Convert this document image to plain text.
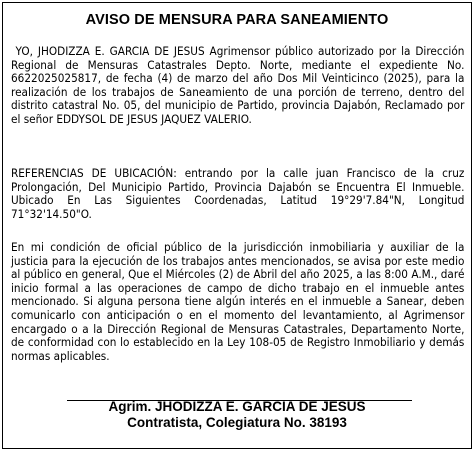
AVISO DE MENSURA PARA SANEAMIENTO

YO, JHODIZZA E. GARCIA DE JESUS Agrimensor público autorizado por la Dirección Regional de Mensuras Catastrales Depto. Norte, mediante el expediente No. 6622025025817, de fecha (4) de marzo del año Dos Mil Veinticinco (2025), para la realización de los trabajos de Saneamiento de una porción de terreno, dentro del distrito catastral No. 05, del municipio de Partido, provincia Dajabón, Reclamado por el señor EDDYSOL DE JESUS JAQUEZ VALERIO.

REFERENCIAS DE UBICACIÓN: entrando por la calle juan Francisco de la cruz Prolongación, Del Municipio Partido, Provincia Dajabón se Encuentra El Inmueble. Ubicado En Las Siguientes Coordenadas, Latitud 19°29'7.84"N, Longitud 71°32'14.50"O.

En mi condición de oficial público de la jurisdicción inmobiliaria y auxiliar de la justicia para la ejecución de los trabajos antes mencionados, se avisa por este medio al público en general, Que el Miércoles (2) de Abril del año 2025, a las 8:00 A.M., daré inicio formal a las operaciones de campo de dicho trabajo en el inmueble antes mencionado. Si alguna persona tiene algún interés en el inmueble a Sanear, deben comunicarlo con anticipación o en el momento del levantamiento, al Agrimensor encargado o a la Dirección Regional de Mensuras Catastrales, Departamento Norte, de conformidad con lo establecido en la Ley 108-05 de Registro Inmobiliario y demás normas aplicables.

Agrim. JHODIZZA E. GARCIA DE JESUS
Contratista, Colegiatura No. 38193
